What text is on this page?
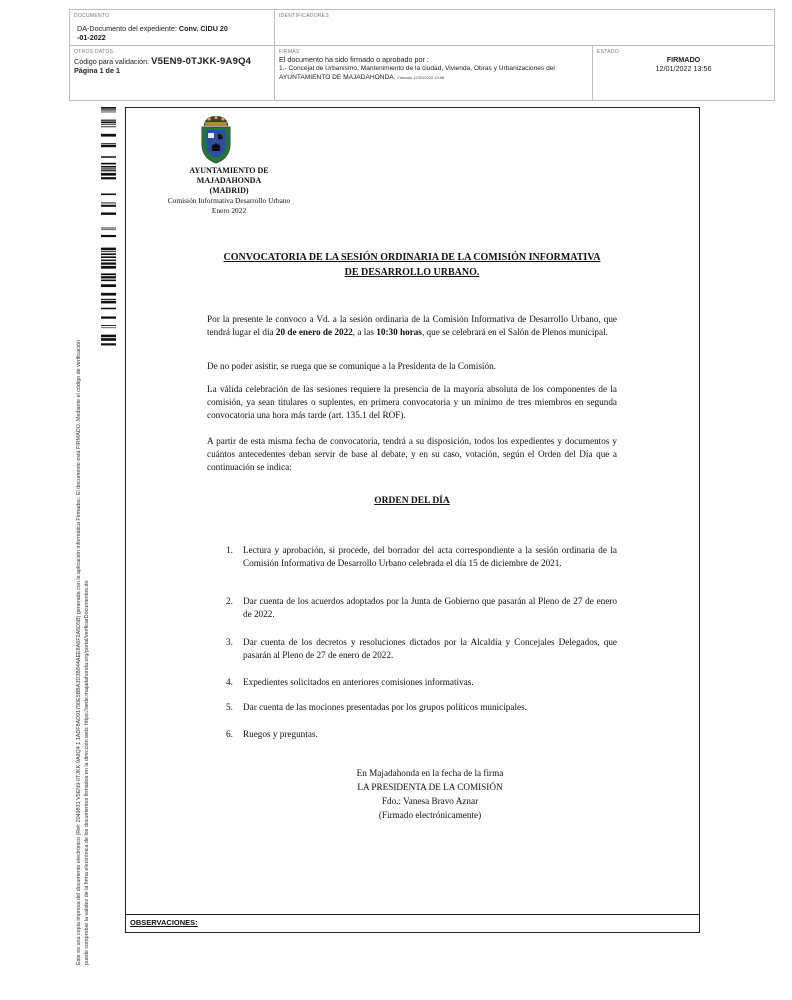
DOCUMENTO
DA-Documento del expediente: Conv. CIDU 20
-01-2022
IDENTIFICADORES
OTROS DATOS
Código para validación: V5EN9-0TJKK-9A9Q4
Página 1 de 1
FIRMAS
El documento ha sido firmado o aprobado por :
1.- Concejal de Urbanismo, Mantenimiento de la ciudad, Vivienda, Obras y Urbanizaciones del
AYUNTAMIENTO DE MAJADAHONDA. Firmado 12/01/2022 13:56
ESTADO
FIRMADO
12/01/2022 13:56
Este es una copia impresa del documento electrónico (Ref: 2049831 V5EN9-0TJKK-9A9Q4 1 1ADF8AD91790E5BBA3D3B844AEE8A6F2A6D5B) generada con la aplicación informática Firmadoc. El documento está FIRMADO. Mediante el código de verificación puede comprobar la validez de la firma electrónica de los documentos firmados en la dirección web: https://sede.majadahonda.org/portal/verificarDocumentos.do	OBSERVACIONES:
AYUNTAMIENTO DE
MAJADAHONDA
(MADRID)
Comisión Informativa Desarrollo Urbano
Enero 2022
CONVOCATORIA DE LA SESIÓN ORDINARIA DE LA COMISIÓN INFORMATIVA
DE DESARROLLO URBANO.
Por la presente le convoco a Vd. a la sesión ordinaria de la Comisión Informativa de Desarrollo Urbano, que tendrá lugar el día 20 de enero de 2022, a las 10:30 horas, que se celebrará en el Salón de Plenos municipal.
De no poder asistir, se ruega que se comunique a la Presidenta de la Comisión.
La válida celebración de las sesiones requiere la presencia de la mayoría absoluta de los componentes de la comisión, ya sean titulares o suplentes, en primera convocatoria y un mínimo de tres miembros en segunda convocatoria una hora más tarde (art. 135.1 del ROF).
A partir de esta misma fecha de convocatoria, tendrá a su disposición, todos los expedientes y documentos y cuántos antecedentes deban servir de base al debate, y en su caso, votación, según el Orden del Día que a continuación se indica:
ORDEN DEL DÍA
1.	Lectura y aprobación, si procede, del borrador del acta correspondiente a la sesión ordinaria de la Comisión Informativa de Desarrollo Urbano celebrada el día 15 de diciembre de 2021.
2.	Dar cuenta de los acuerdos adoptados por la Junta de Gobierno que pasarán al Pleno de 27 de enero de 2022.
3.	Dar cuenta de los decretos y resoluciones dictados por la Alcaldía y Concejales Delegados, que pasarán al Pleno de 27 de enero de 2022.
4.	Expedientes solicitados en anteriores comisiones informativas.
5.	Dar cuenta de las mociones presentadas por los grupos políticos municipales.
6.	Ruegos y preguntas.
En Majadahonda en la fecha de la firma
LA PRESIDENTA DE LA COMISIÓN
Fdo.: Vanesa Bravo Aznar
(Firmado electrónicamente)
